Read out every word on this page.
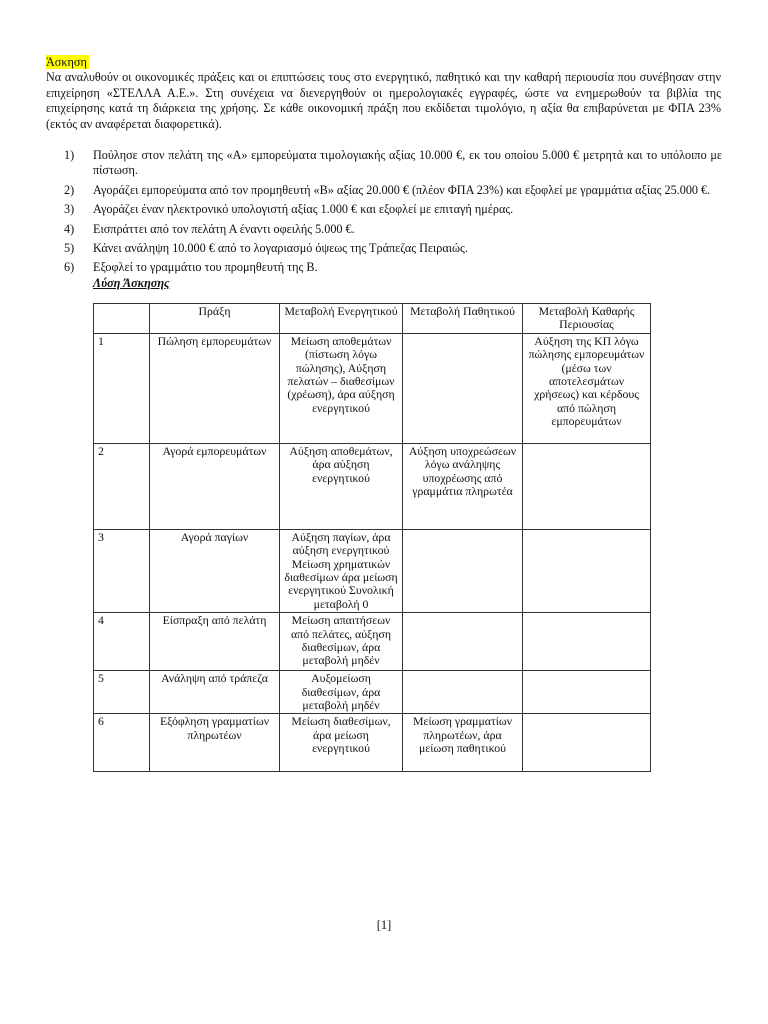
Άσκηση

Να αναλυθούν οι οικονομικές πράξεις και οι επιπτώσεις τους στο ενεργητικό, παθητικό και την καθαρή περιουσία που συνέβησαν στην επιχείρηση «ΣΤΕΛΛΑ Α.Ε.». Στη συνέχεια να διενεργηθούν οι ημερολογιακές εγγραφές, ώστε να ενημερωθούν τα βιβλία της επιχείρησης κατά τη διάρκεια της χρήσης. Σε κάθε οικονομική πράξη που εκδίδεται τιμολόγιο, η αξία θα επιβαρύνεται με ΦΠΑ 23% (εκτός αν αναφέρεται διαφορετικά).

1) Πούλησε στον πελάτη της «Α» εμπορεύματα τιμολογιακής αξίας 10.000 €, εκ του οποίου 5.000 € μετρητά και το υπόλοιπο με πίστωση.
2) Αγοράζει εμπορεύματα από τον προμηθευτή «Β» αξίας 20.000 € (πλέον ΦΠΑ 23%) και εξοφλεί με γραμμάτια αξίας 25.000 €.
3) Αγοράζει έναν ηλεκτρονικό υπολογιστή αξίας 1.000 € και εξοφλεί με επιταγή ημέρας.
4) Εισπράττει από τον πελάτη Α έναντι οφειλής 5.000 €.
5) Κάνει ανάληψη 10.000 € από το λογαριασμό όψεως της Τράπεζας Πειραιώς.
6) Εξοφλεί το γραμμάτιο του προμηθευτή της Β.
Λύση Άσκησης
	Πράξη	Μεταβολή Ενεργητικού	Μεταβολή Παθητικού	Μεταβολή Καθαρής Περιουσίας
1	Πώληση εμπορευμάτων	Μείωση αποθεμάτων (πίστωση λόγω πώλησης), Αύξηση πελατών – διαθεσίμων (χρέωση), άρα αύξηση ενεργητικού		Αύξηση της ΚΠ λόγω πώλησης εμπορευμάτων (μέσω των αποτελεσμάτων χρήσεως) και κέρδους από πώληση εμπορευμάτων
2	Αγορά εμπορευμάτων	Αύξηση αποθεμάτων, άρα αύξηση ενεργητικού	Αύξηση υποχρεώσεων λόγω ανάληψης υποχρέωσης από γραμμάτια πληρωτέα	
3	Αγορά παγίων	Αύξηση παγίων, άρα αύξηση ενεργητικού Μείωση χρηματικών διαθεσίμων άρα μείωση ενεργητικού Συνολική μεταβολή 0		
4	Είσπραξη από πελάτη	Μείωση απαιτήσεων από πελάτες, αύξηση διαθεσίμων, άρα μεταβολή μηδέν		
5	Ανάληψη από τράπεζα	Αυξομείωση διαθεσίμων, άρα μεταβολή μηδέν		
6	Εξόφληση γραμματίων πληρωτέων	Μείωση διαθεσίμων, άρα μείωση ενεργητικού	Μείωση γραμματίων πληρωτέων, άρα μείωση παθητικού	
[1]
